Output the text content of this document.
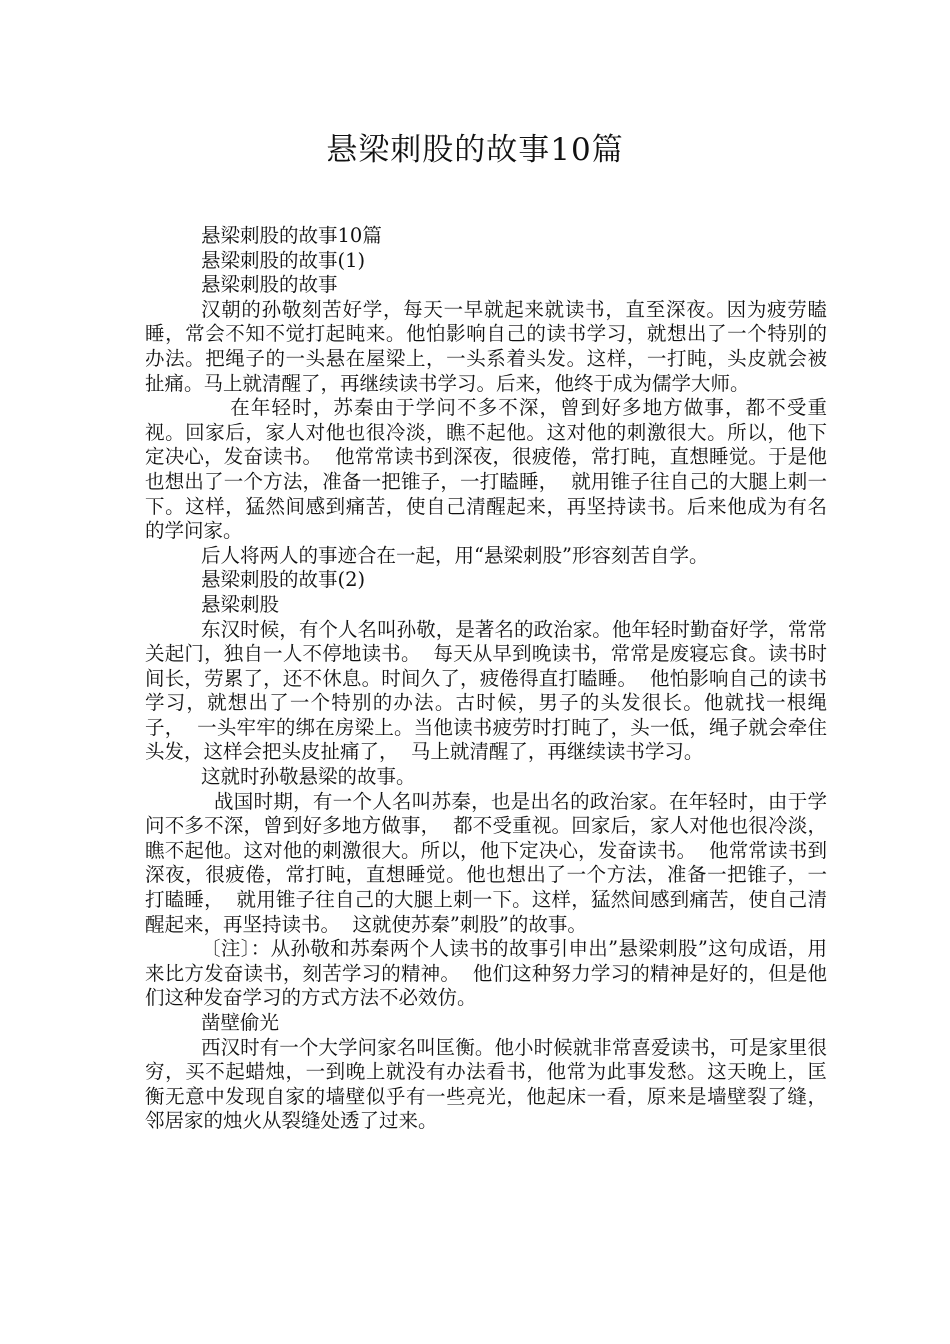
悬梁刺股的故事10篇

悬梁刺股的故事10篇

悬梁刺股的故事(1)

悬梁刺股的故事

汉朝的孙敬刻苦好学，每天一早就起来就读书，直至深夜。因为疲劳瞌睡，常会不知不觉打起盹来。他怕影响自己的读书学习，就想出了一个特别的办法。把绳子的一头悬在屋梁上，一头系着头发。这样，一打盹，头皮就会被扯痛。马上就清醒了，再继续读书学习。后来，他终于成为儒学大师。

在年轻时，苏秦由于学问不多不深，曾到好多地方做事，都不受重视。回家后，家人对他也很冷淡，瞧不起他。这对他的刺激很大。所以，他下定决心，发奋读书。  他常常读书到深夜，很疲倦，常打盹，直想睡觉。于是他也想出了一个方法，准备一把锥子，一打瞌睡，  就用锥子往自己的大腿上刺一下。这样，猛然间感到痛苦，使自己清醒起来，再坚持读书。后来他成为有名的学问家。

后人将两人的事迹合在一起，用“悬梁刺股”形容刻苦自学。

悬梁刺股的故事(2)

悬梁刺股

东汉时候，有个人名叫孙敬，是著名的政治家。他年轻时勤奋好学，常常关起门，独自一人不停地读书。  每天从早到晚读书，常常是废寝忘食。读书时间长，劳累了，还不休息。时间久了，疲倦得直打瞌睡。  他怕影响自己的读书学习，就想出了一个特别的办法。古时候，男子的头发很长。他就找一根绳子，  一头牢牢的绑在房梁上。当他读书疲劳时打盹了，头一低，绳子就会牵住头发，这样会把头皮扯痛了，  马上就清醒了，再继续读书学习。

这就时孙敬悬梁的故事。

战国时期，有一个人名叫苏秦，也是出名的政治家。在年轻时，由于学问不多不深，曾到好多地方做事，  都不受重视。回家后，家人对他也很冷淡，瞧不起他。这对他的刺激很大。所以，他下定决心，发奋读书。  他常常读书到深夜，很疲倦，常打盹，直想睡觉。他也想出了一个方法，准备一把锥子，一打瞌睡，  就用锥子往自己的大腿上刺一下。这样，猛然间感到痛苦，使自己清醒起来，再坚持读书。  这就使苏秦”刺股”的故事。

〔注〕：从孙敬和苏秦两个人读书的故事引申出”悬梁刺股”这句成语，用来比方发奋读书，刻苦学习的精神。  他们这种努力学习的精神是好的，但是他们这种发奋学习的方式方法不必效仿。

凿壁偷光

西汉时有一个大学问家名叫匡衡。他小时候就非常喜爱读书，可是家里很穷，买不起蜡烛，一到晚上就没有办法看书，他常为此事发愁。这天晚上，匡衡无意中发现自家的墙壁似乎有一些亮光，他起床一看，原来是墙壁裂了缝，邻居家的烛火从裂缝处透了过来。
